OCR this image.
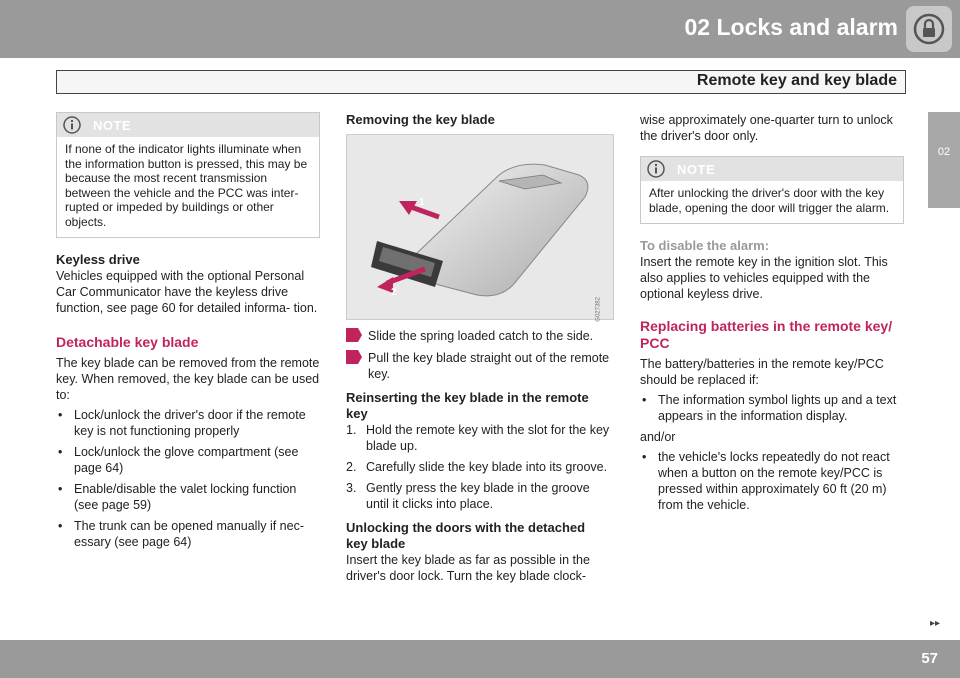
02 Locks and alarm
Remote key and key blade
02
NOTE
If none of the indicator lights illuminate when the information button is pressed, this may be because the most recent transmission between the vehicle and the PCC was inter- rupted or impeded by buildings or other objects.
Keyless drive

Vehicles equipped with the optional Personal Car Communicator have the keyless drive function, see page 60 for detailed informa- tion.

Detachable key blade

The key blade can be removed from the remote key. When removed, the key blade can be used to:

• Lock/unlock the driver's door if the remote key is not functioning properly
• Lock/unlock the glove compartment (see page 64)
• Enable/disable the valet locking function (see page 59)
• The trunk can be opened manually if nec- essary (see page 64)
Removing the key blade
1
2
G027382
Slide the spring loaded catch to the side.
Pull the key blade straight out of the remote key.
Reinserting the key blade in the remote key
1. Hold the remote key with the slot for the key blade up.
2. Carefully slide the key blade into its groove.
3. Gently press the key blade in the groove until it clicks into place.
Unlocking the doors with the detached key blade

Insert the key blade as far as possible in the driver's door lock. Turn the key blade clock-

wise approximately one-quarter turn to unlock the driver's door only.

NOTE
After unlocking the driver's door with the key blade, opening the door will trigger the alarm.
To disable the alarm:

Insert the remote key in the ignition slot. This also applies to vehicles equipped with the optional keyless drive.

Replacing batteries in the remote key/ PCC

The battery/batteries in the remote key/PCC should be replaced if:

• The information symbol lights up and a text appears in the information display.

and/or

• the vehicle's locks repeatedly do not react when a button on the remote key/PCC is pressed within approximately 60 ft (20 m) from the vehicle.
▸▸
57
